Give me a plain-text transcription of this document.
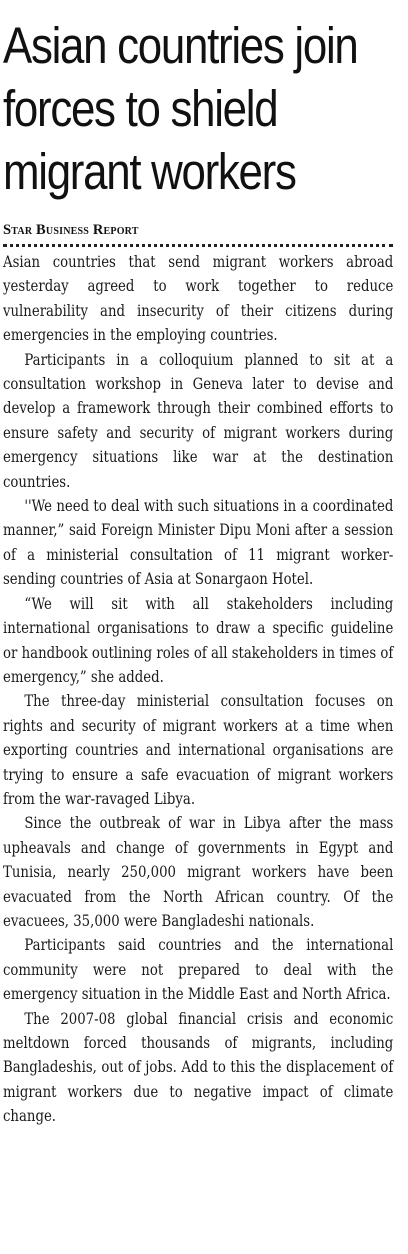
Asian countries join forces to shield migrant workers
Star Business Report

Asian countries that send migrant workers abroad yesterday agreed to work together to reduce vulnerability and insecurity of their citizens during emergencies in the employing countries.

Participants in a colloquium planned to sit at a consultation workshop in Geneva later to devise and develop a framework through their combined efforts to ensure safety and security of migrant workers during emergency situations like war at the destination countries.

''We need to deal with such situations in a coordinated manner,” said Foreign Minister Dipu Moni after a session of a ministerial consultation of 11 migrant worker-sending countries of Asia at Sonargaon Hotel.

“We will sit with all stakeholders including international organisations to draw a specific guideline or handbook outlining roles of all stakeholders in times of emergency,” she added.

The three-day ministerial consultation focuses on rights and security of migrant workers at a time when exporting countries and international organisations are trying to ensure a safe evacuation of migrant workers from the war-ravaged Libya.

Since the outbreak of war in Libya after the mass upheavals and change of governments in Egypt and Tunisia, nearly 250,000 migrant workers have been evacuated from the North African country. Of the evacuees, 35,000 were Bangladeshi nationals.

Participants said countries and the international community were not prepared to deal with the emergency situation in the Middle East and North Africa.

The 2007-08 global financial crisis and economic meltdown forced thousands of migrants, including Bangladeshis, out of jobs. Add to this the displacement of migrant workers due to negative impact of climate change.
